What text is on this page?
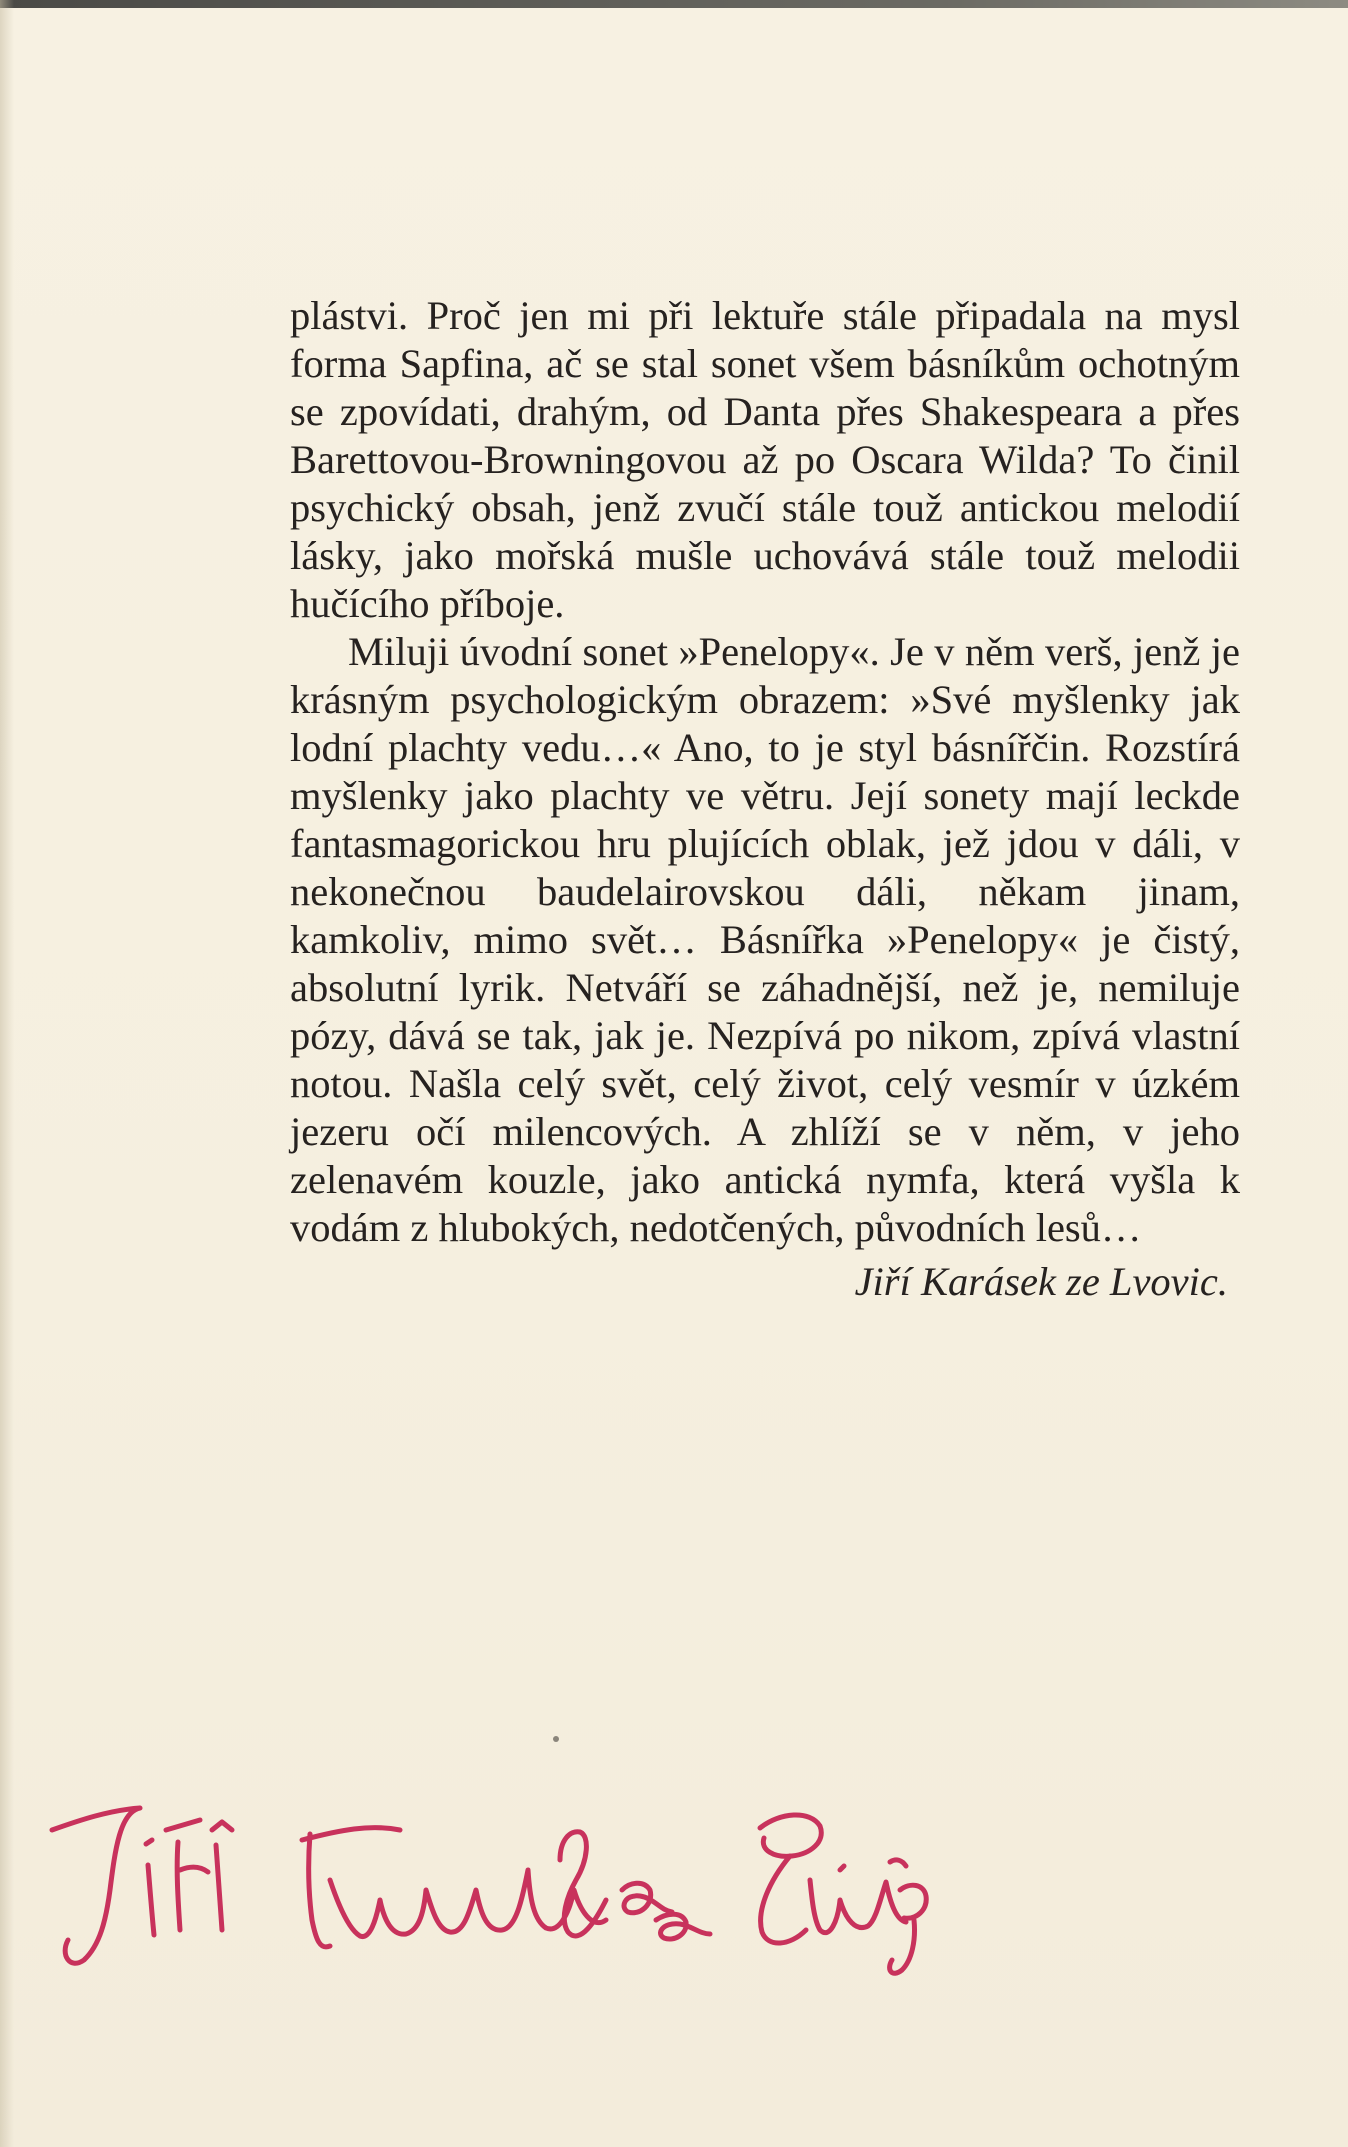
plástvi. Proč jen mi při lektuře stále připadala na mysl forma Sapfina, ač se stal sonet všem básníkům ochotným se zpovídati, drahým, od Danta přes Shakespeara a přes Barettovou-Browningovou až po Oscara Wilda? To činil psychický obsah, jenž zvučí stále touž antickou melodií lásky, jako mořská mušle uchovává stále touž melodii hučícího příboje.

Miluji úvodní sonet »Penelopy«. Je v něm verš, jenž je krásným psychologickým obrazem: »Své myšlenky jak lodní plachty vedu…« Ano, to je styl básnířčin. Rozstírá myšlenky jako plachty ve větru. Její sonety mají leckde fantasmagorickou hru plujících oblak, jež jdou v dáli, v nekonečnou baudelairovskou dáli, někam jinam, kamkoliv, mimo svět… Básnířka »Penelopy« je čistý, absolutní lyrik. Netváří se záhadnější, než je, nemiluje pózy, dává se tak, jak je. Nezpívá po nikom, zpívá vlastní notou. Našla celý svět, celý život, celý vesmír v úzkém jezeru očí milencových. A zhlíží se v něm, v jeho zelenavém kouzle, jako antická nymfa, která vyšla k vodám z hlubokých, nedotčených, původních lesů…

Jiří Karásek ze Lvovic.
